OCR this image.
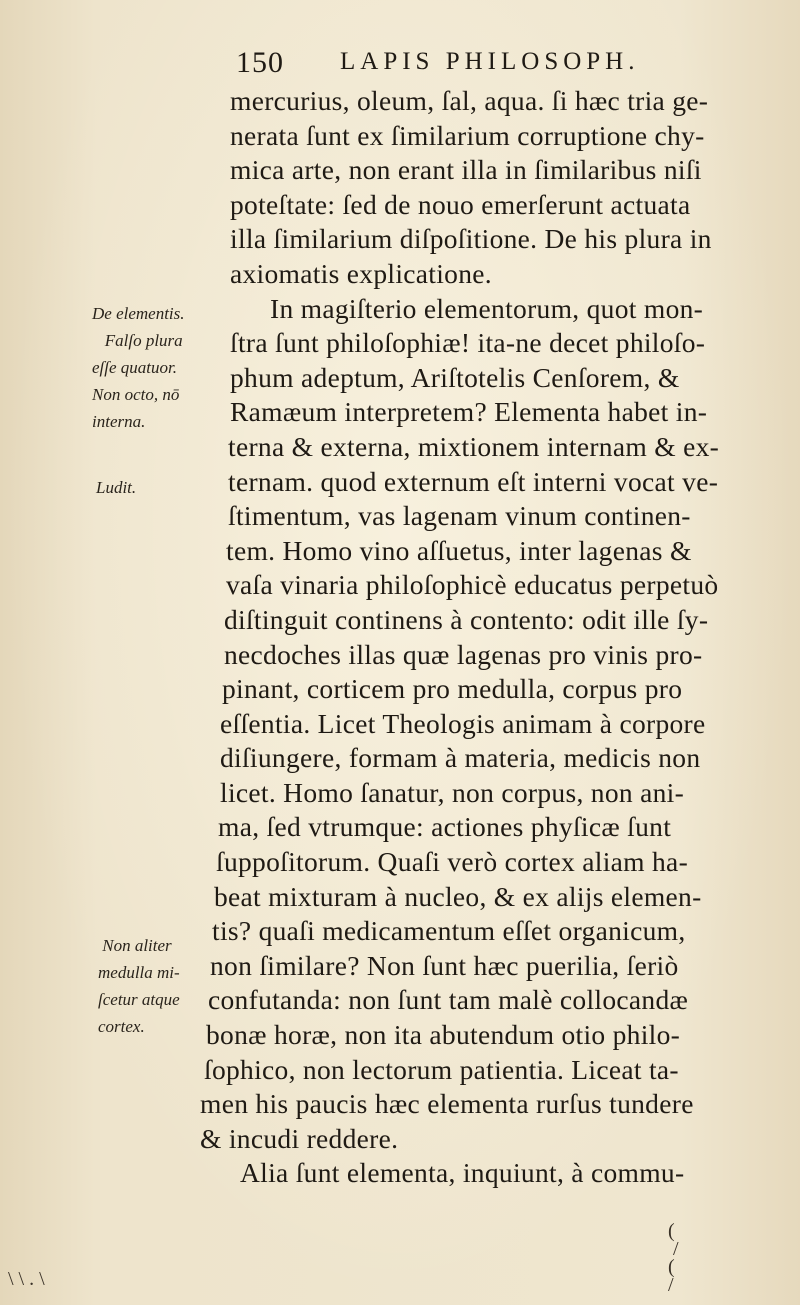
150 LAPIS PHILOSOPH.
mercurius, oleum, ſal, aqua. ſi hæc tria ge-
nerata ſunt ex ſimilarium corruptione chy-
mica arte, non erant illa in ſimilaribus niſi
poteſtate: ſed de nouo emerſerunt actuata
illa ſimilarium diſpoſitione. De his plura in
axiomatis explicatione.
In magiſterio elementorum, quot mon-
ſtra ſunt philoſophiæ! ita-ne decet philoſo-
phum adeptum, Ariſtotelis Cenſorem, &
Ramæum interpretem? Elementa habet in-
terna & externa, mixtionem internam & ex-
ternam. quod externum eſt interni vocat ve-
ſtimentum, vas lagenam vinum continen-
tem. Homo vino aſſuetus, inter lagenas &
vaſa vinaria philoſophicè educatus perpetuò
diſtinguit continens à contento: odit ille ſy-
necdoches illas quæ lagenas pro vinis pro-
pinant, corticem pro medulla, corpus pro
eſſentia. Licet Theologis animam à corpore
diſiungere, formam à materia, medicis non
licet. Homo ſanatur, non corpus, non ani-
ma, ſed vtrumque: actiones phyſicæ ſunt
ſuppoſitorum. Quaſi verò cortex aliam ha-
beat mixturam à nucleo, & ex alijs elemen-
tis? quaſi medicamentum eſſet organicum,
non ſimilare? Non ſunt hæc puerilia, ſeriò
confutanda: non ſunt tam malè collocandæ
bonæ horæ, non ita abutendum otio philo-
ſophico, non lectorum patientia. Liceat ta-
men his paucis hæc elementa rurſus tundere
& incudi reddere.
Alia ſunt elementa, inquiunt, à commu-
De elementis.
Falſo plura
eſſe quatuor.
Non octo, nō
interna.
Ludit.
Non aliter
medulla mi-
ſcetur atque
cortex.
(
/
(
/
\ \ . \
